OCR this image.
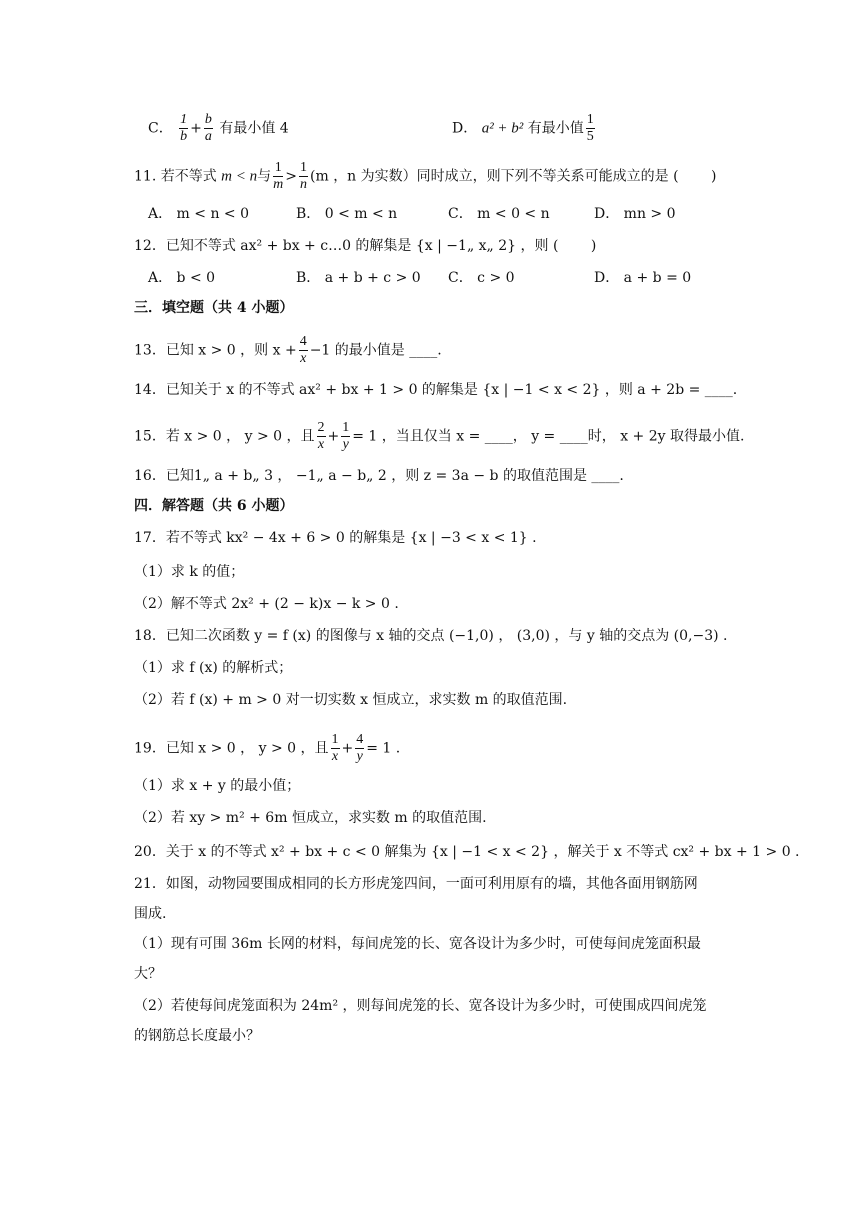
C． $\frac{1}{b} + \frac{b}{a}$ 有最小值 4	D． a² + b² 有最小值 $\frac{1}{5}$
11. 若不等式 m < n与 $\frac{1}{m} > \frac{1}{n} (m$ ，n 为实数）同时成立，则下列不等关系可能成立的是 (　　 )
A． m < n < 0	B． 0 < m < n	C． m < 0 < n	D． mn > 0
12．已知不等式 ax² + bx + c…0 的解集是 {x | −1„ x„ 2} ，则 (　　 )
A． b < 0	B． a + b + c > 0 C． c > 0	D． a + b = 0
三．填空题（共 4 小题）
13．已知 x > 0 ，则 $x + \frac{4}{x} -1$ 的最小值是 ____.
14．已知关于 x 的不等式 ax² + bx + 1 > 0 的解集是 {x | −1 < x < 2} ，则 a + 2b = ____.
15．若 x > 0 ， y > 0 ，且 $\frac{2}{x} + \frac{1}{y} = 1$ ，当且仅当 x = ____， y = ____时， x + 2y 取得最小值.
16．已知1„ a + b„ 3 ， −1„ a − b„ 2 ，则 z = 3a − b 的取值范围是 ____.
四．解答题（共 6 小题）
17．若不等式 kx² − 4x + 6 > 0 的解集是 {x | −3 < x < 1} .
（1）求 k 的值；
（2）解不等式 2x² + (2 − k)x − k > 0 .
18．已知二次函数 y = f (x) 的图像与 x 轴的交点 (−1,0) ， (3,0) ，与 y 轴的交点为 (0,−3) .
（1）求 f (x) 的解析式；
（2）若 f (x) + m > 0 对一切实数 x 恒成立，求实数 m 的取值范围.
19．已知 x > 0 ， y > 0 ，且 $\frac{1}{x} + \frac{4}{y} = 1$ .
（1）求 x + y 的最小值；
（2）若 xy > m² + 6m 恒成立，求实数 m 的取值范围.
20．关于 x 的不等式 x² + bx + c < 0 解集为 {x | −1 < x < 2} ，解关于 x 不等式 cx² + bx + 1 > 0 .
21．如图，动物园要围成相同的长方形虎笼四间，一面可利用原有的墙，其他各面用钢筋网
围成.
（1）现有可围 36m 长网的材料，每间虎笼的长、宽各设计为多少时，可使每间虎笼面积最
大？
（2）若使每间虎笼面积为 24m² ，则每间虎笼的长、宽各设计为多少时，可使围成四间虎笼
的钢筋总长度最小？
